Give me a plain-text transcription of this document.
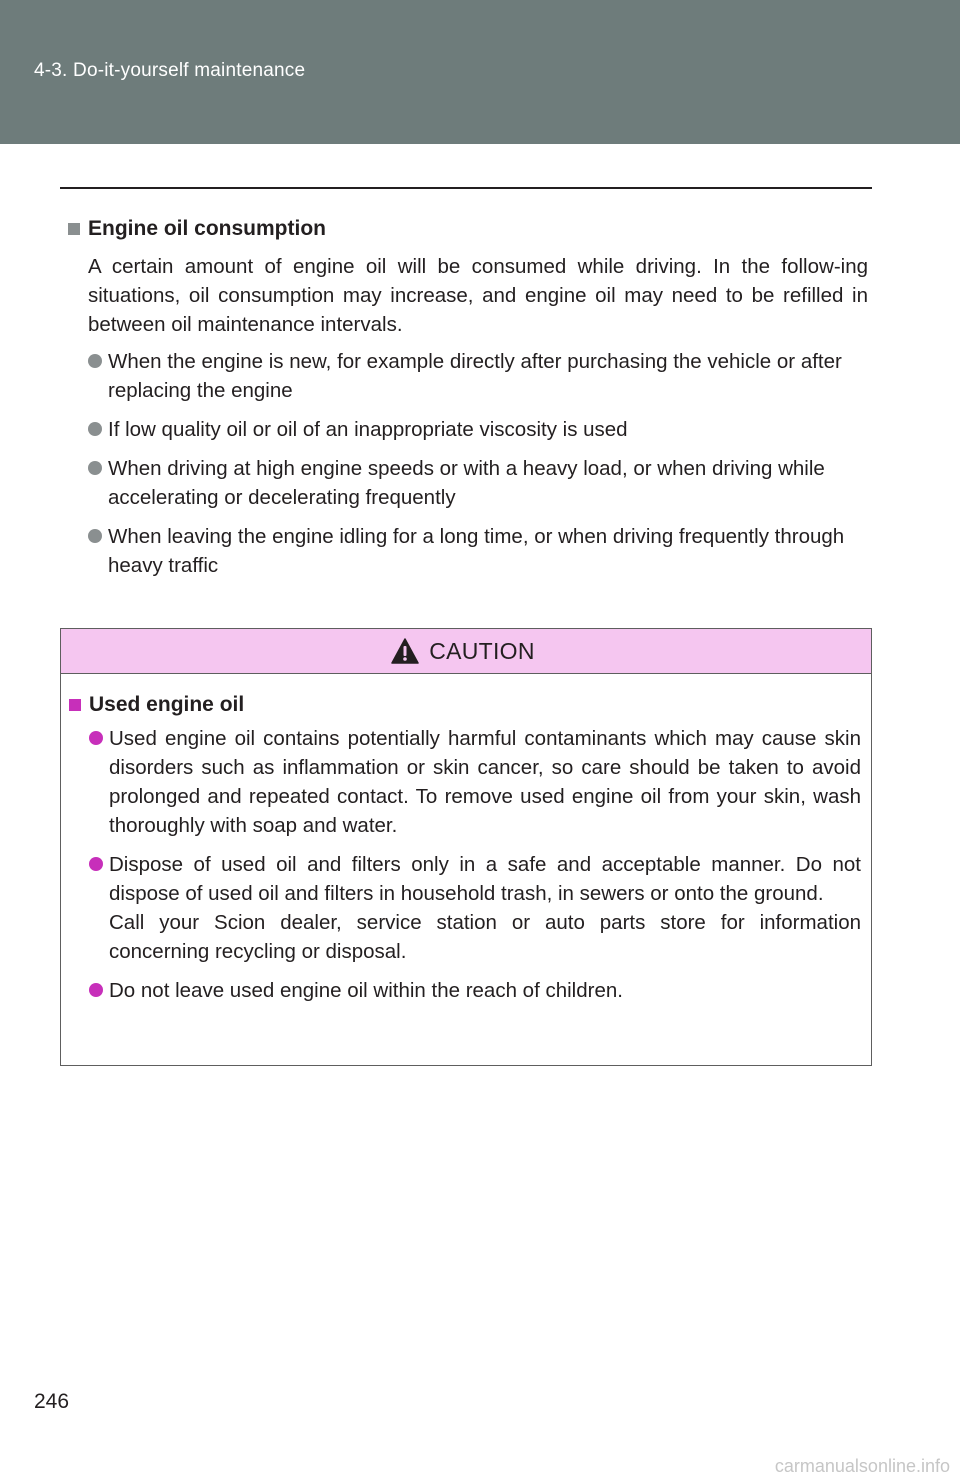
4-3. Do-it-yourself maintenance
Engine oil consumption
A certain amount of engine oil will be consumed while driving. In the follow-ing situations, oil consumption may increase, and engine oil may need to be refilled in between oil maintenance intervals.
When the engine is new, for example directly after purchasing the vehicle or after replacing the engine
If low quality oil or oil of an inappropriate viscosity is used
When driving at high engine speeds or with a heavy load, or when driving while accelerating or decelerating frequently
When leaving the engine idling for a long time, or when driving frequently through heavy traffic
CAUTION
Used engine oil
Used engine oil contains potentially harmful contaminants which may cause skin disorders such as inflammation or skin cancer, so care should be taken to avoid prolonged and repeated contact. To remove used engine oil from your skin, wash thoroughly with soap and water.
Dispose of used oil and filters only in a safe and acceptable manner. Do not dispose of used oil and filters in household trash, in sewers or onto the ground.
Call your Scion dealer, service station or auto parts store for information concerning recycling or disposal.
Do not leave used engine oil within the reach of children.
246
carmanualsonline.info
